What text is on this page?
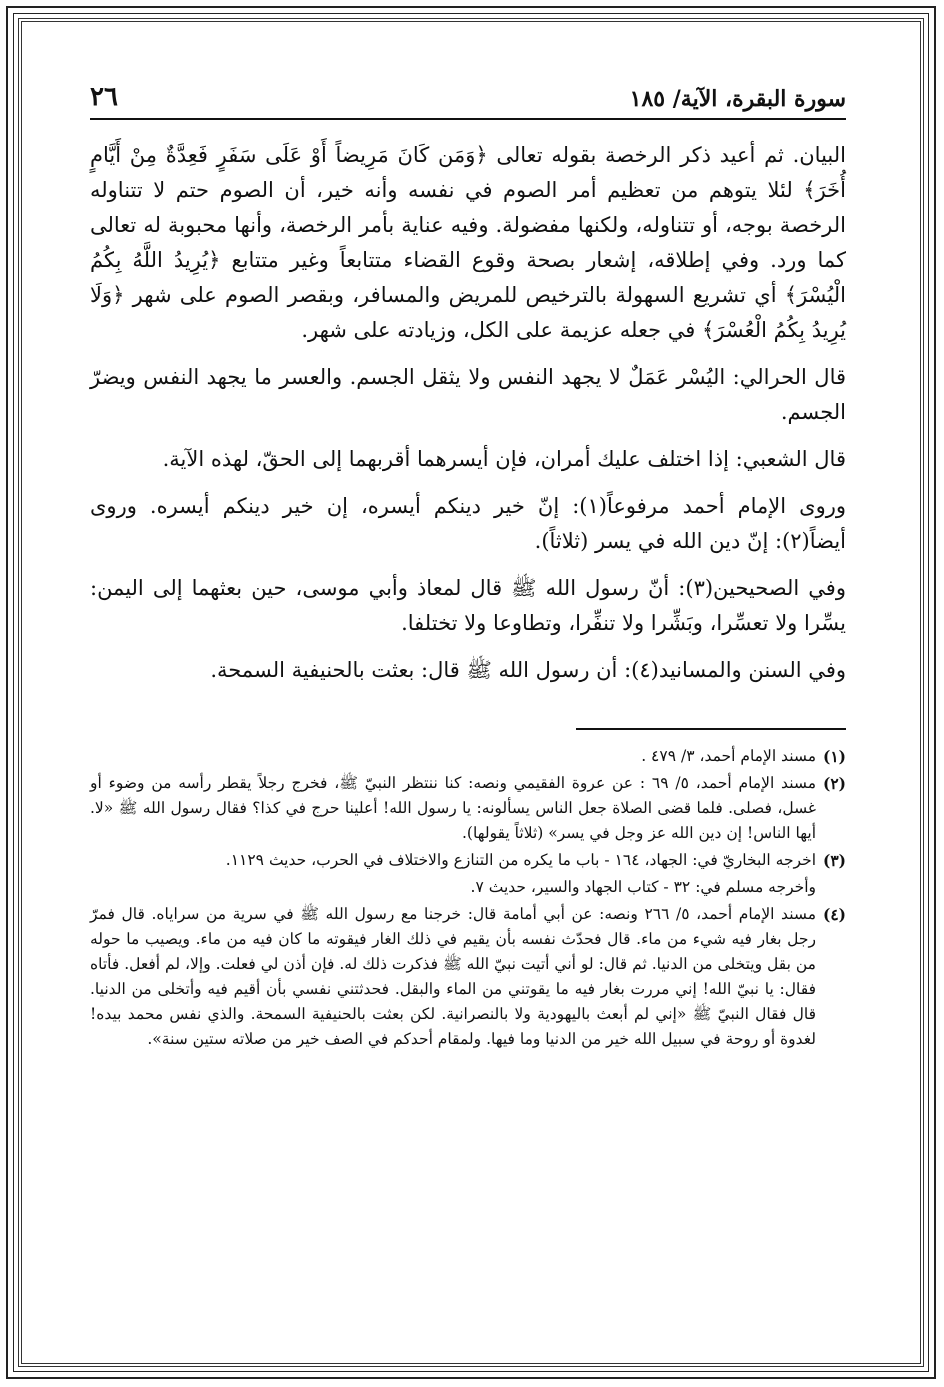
سورة البقرة، الآية/ ١٨٥
٢٦

البيان. ثم أعيد ذكر الرخصة بقوله تعالى ﴿وَمَن كَانَ مَرِيضاً أَوْ عَلَى سَفَرٍ فَعِدَّةٌ مِنْ أَيَّامٍ أُخَرَ﴾ لئلا يتوهم من تعظيم أمر الصوم في نفسه وأنه خير، أن الصوم حتم لا تتناوله الرخصة بوجه، أو تتناوله، ولكنها مفضولة. وفيه عناية بأمر الرخصة، وأنها محبوبة له تعالى كما ورد. وفي إطلاقه، إشعار بصحة وقوع القضاء متتابعاً وغير متتابع ﴿يُرِيدُ اللَّهُ بِكُمُ الْيُسْرَ﴾ أي تشريع السهولة بالترخيص للمريض والمسافر، وبقصر الصوم على شهر ﴿وَلَا يُرِيدُ بِكُمُ الْعُسْرَ﴾ في جعله عزيمة على الكل، وزيادته على شهر.

قال الحرالي: اليُسْر عَمَلٌ لا يجهد النفس ولا يثقل الجسم. والعسر ما يجهد النفس ويضرّ الجسم.

قال الشعبي: إذا اختلف عليك أمران، فإن أيسرهما أقربهما إلى الحقّ، لهذه الآية.

وروى الإمام أحمد مرفوعاً(١): إنّ خير دينكم أيسره، إن خير دينكم أيسره. وروى أيضاً(٢): إنّ دين الله في يسر (ثلاثاً).

وفي الصحيحين(٣): أنّ رسول الله ﷺ قال لمعاذ وأبي موسى، حين بعثهما إلى اليمن: يسِّرا ولا تعسِّرا، وبَشِّرا ولا تنفِّرا، وتطاوعا ولا تختلفا.

وفي السنن والمسانيد(٤): أن رسول الله ﷺ قال: بعثت بالحنيفية السمحة.

(١)
مسند الإمام أحمد، ٣/ ٤٧٩ .
(٢)
مسند الإمام أحمد، ٥/ ٦٩ : عن عروة الفقيمي ونصه: كنا ننتظر النبيّ ﷺ، فخرج رجلاً يقطر رأسه من وضوء أو غسل، فصلى. فلما قضى الصلاة جعل الناس يسألونه: يا رسول الله! أعلينا حرج في كذا؟ فقال رسول الله ﷺ «لا. أيها الناس! إن دين الله عز وجل في يسر» (ثلاثاً يقولها).
(٣)
اخرجه البخاريّ في: الجهاد، ١٦٤ - باب ما يكره من التنازع والاختلاف في الحرب، حديث ١١٢٩.
وأخرجه مسلم في: ٣٢ - كتاب الجهاد والسير، حديث ٧.
(٤)
مسند الإمام أحمد، ٥/ ٢٦٦ ونصه: عن أبي أمامة قال: خرجنا مع رسول الله ﷺ في سرية من سراياه. قال فمرّ رجل بغار فيه شيء من ماء. قال فحدّث نفسه بأن يقيم في ذلك الغار فيقوته ما كان فيه من ماء. ويصيب ما حوله من بقل ويتخلى من الدنيا. ثم قال: لو أني أتيت نبيّ الله ﷺ فذكرت ذلك له. فإن أذن لي فعلت. وإلا، لم أفعل. فأتاه فقال: يا نبيّ الله! إني مررت بغار فيه ما يقوتني من الماء والبقل. فحدثتني نفسي بأن أقيم فيه وأتخلى من الدنيا. قال فقال النبيّ ﷺ «إني لم أبعث باليهودية ولا بالنصرانية. لكن بعثت بالحنيفية السمحة. والذي نفس محمد بيده! لغدوة أو روحة في سبيل الله خير من الدنيا وما فيها. ولمقام أحدكم في الصف خير من صلاته ستين سنة».
